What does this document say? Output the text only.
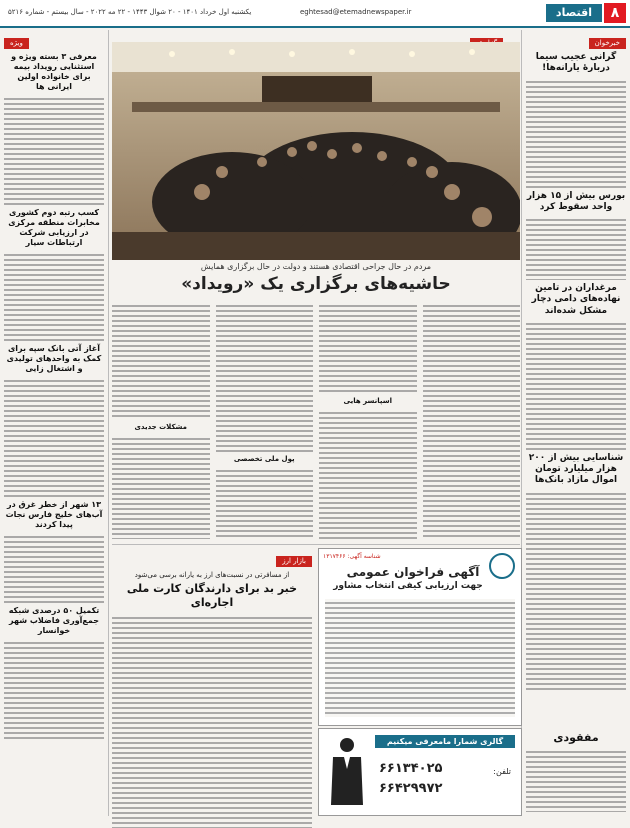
٨
اقتصاد
eghtesad@etemadnewspaper.ir
یکشنبه اول خرداد ۱۴۰۱ - ۲۰ شوال ۱۴۴۳ - ۲۲ مه ۲۰۲۲ - سال بیستم - شماره ۵۲۱۶
خبرخوان
گرانی عجیب سیما دربارهٔ یارانه‌ها!
بورس بیش از ۱۵ هزار واحد سقوط کرد
مرغداران در تامین نهاده‌های دامی دچار مشکل شده‌اند
شناسایی بیش از ۲۰۰ هزار میلیارد تومان اموال مازاد بانک‌ها
ویژه
معرفی ۳ بسته ویژه و استثنایی رویداد بیمه برای خانواده اولین ایرانی ها
کسب رتبه دوم کشوری مخابرات منطقه مرکزی در ارزیابی شرکت ارتباطات سیار
آغاز آتی بانک سپه برای کمک به واحدهای تولیدی و اشتغال زایی
۱۳ شهر از خطر غرق در آب‌های خلیج فارس نجات پیدا کردند
تکمیل ۵۰ درصدی شبکه جمع‌آوری فاضلاب شهر خوانسار
مردم در حال جراحی اقتصادی هستند و دولت در حال برگزاری همایش
حاشیه‌های برگزاری یک «رویداد»
اسپانسر هایی
پول ملی تخصصی
مشکلات جدیدی
بازار ارز
از مسافرتی در نسبت‌های ارز به یارانه برسی می‌شود
خبر بد برای دارندگان کارت ملی اجاره‌ای
شناسه آگهی: ۱۳۱۷۴۶۶
آگهی فراخوان عمومی
جهت ارزیابی کیفی انتخاب مشاور
گالری شمارا مامعرفی میکنیم
تلفن:
۶۶۱۳۴۰۲۵
۶۶۴۲۹۹۷۲
مفقودی
